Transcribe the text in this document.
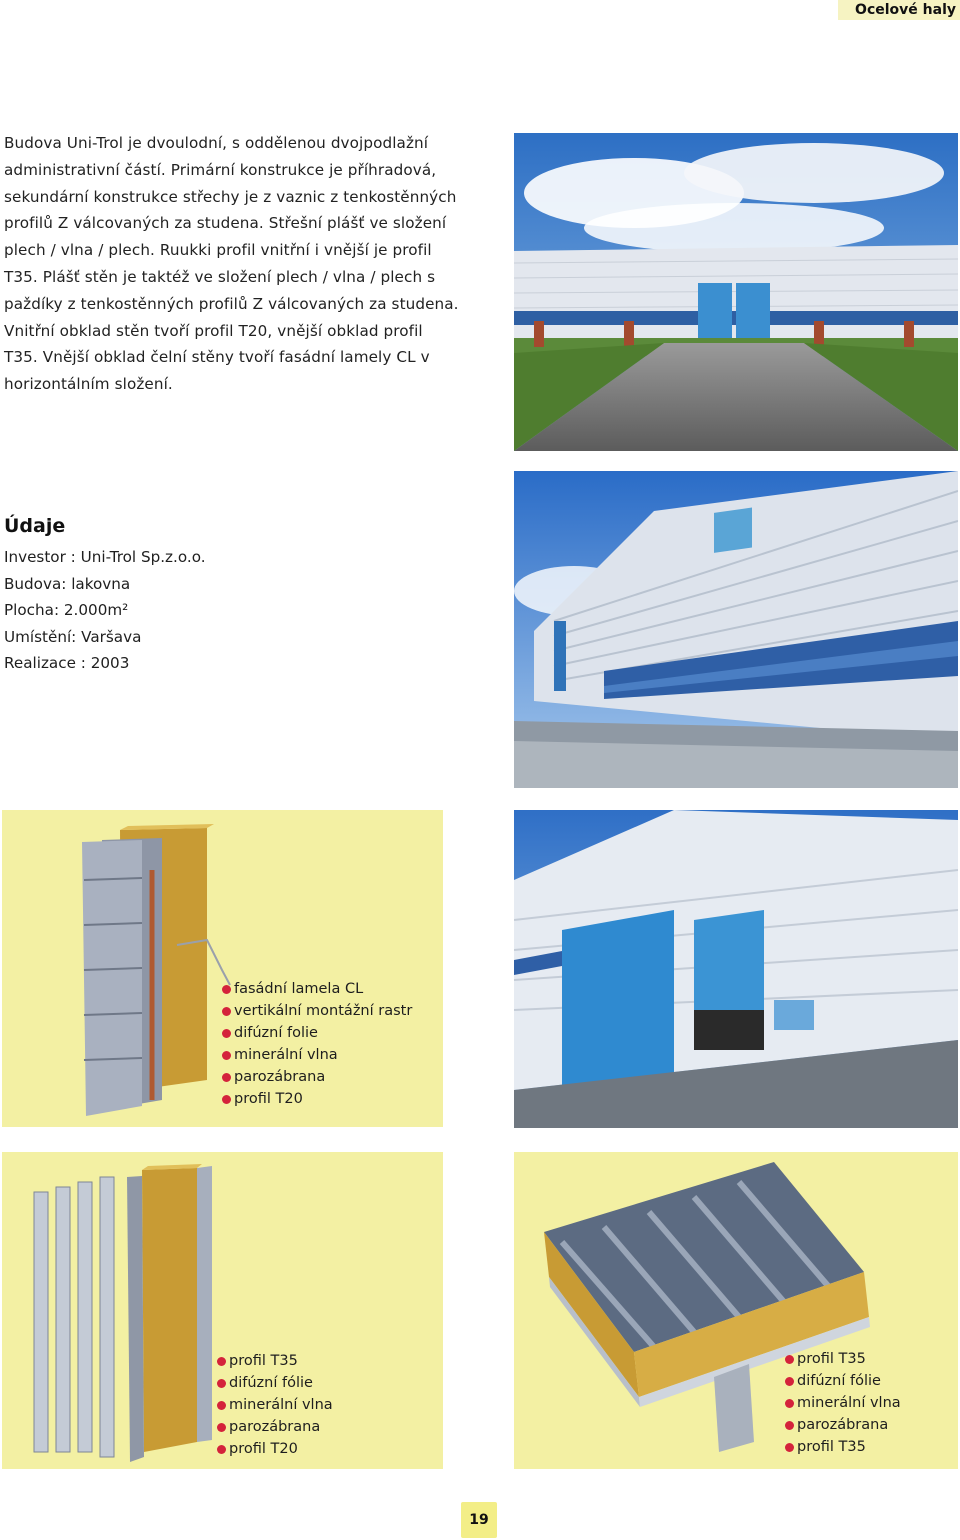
Ocelové haly

Budova Uni-Trol je dvoulodní, s oddělenou dvojpodlažní administrativní částí. Primární konstrukce je příhradová, sekundární konstrukce střechy je z vaznic z tenkostěnných profilů Z válcovaných za studena. Střešní plášť ve složení plech / vlna / plech. Ruukki profil vnitřní i vnější je profil T35. Plášť stěn je taktéž ve složení plech / vlna / plech s paždíky z tenkostěnných profilů Z válcovaných za studena. Vnitřní obklad stěn tvoří profil T20, vnější obklad profil T35. Vnější obklad čelní stěny tvoří fasádní lamely CL v horizontálním složení.

Údaje
Investor : Uni-Trol Sp.z.o.o.
Budova: lakovna
Plocha: 2.000m²
Umístění: Varšava
Realizace : 2003
fasádní lamela CL
vertikální montážní rastr
difúzní folie
minerální vlna
parozábrana
profil T20
profil T35
difúzní fólie
minerální vlna
parozábrana
profil T20
profil T35
difúzní fólie
minerální vlna
parozábrana
profil T35
19
